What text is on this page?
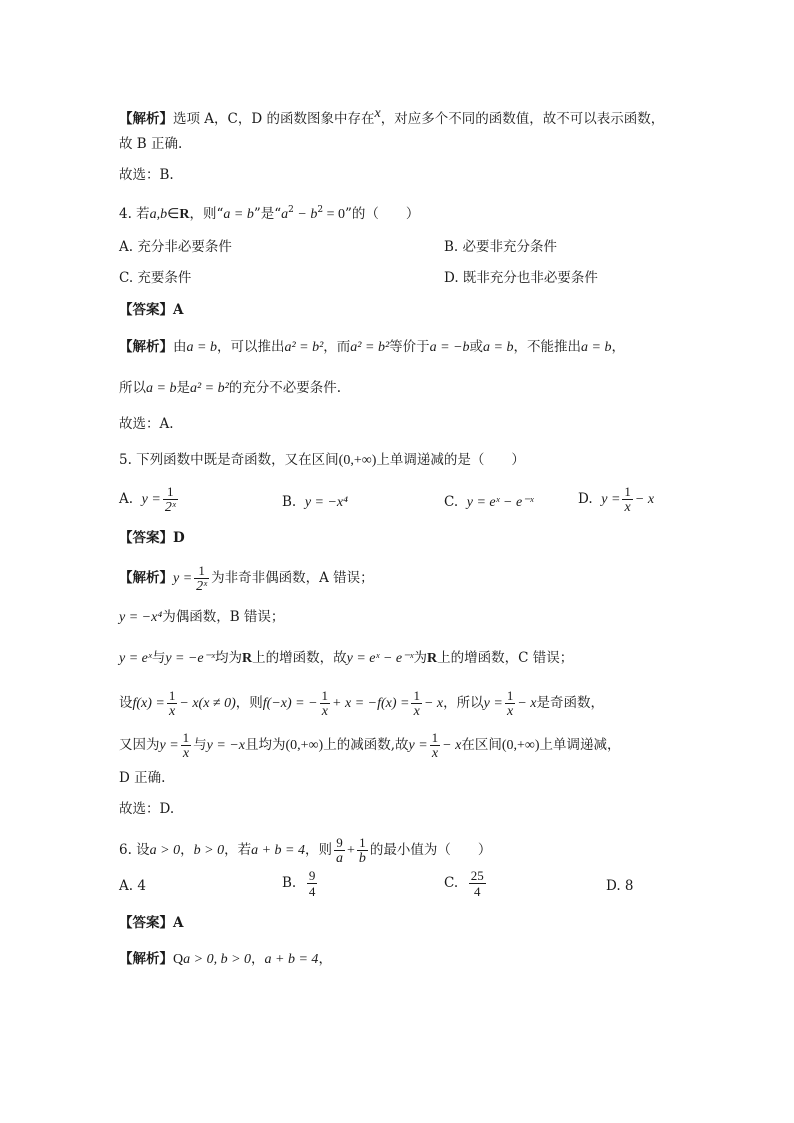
【解析】选项 A，C，D 的函数图象中存在$^x$，对应多个不同的函数值，故不可以表示函数，
故 B 正确.
故选：B.
4. 若a,b∈R，则“a = b”是“$a^2 - b^2 = 0$”的（　　）
A. 充分非必要条件	B. 必要非充分条件
C. 充要条件	D. 既非充分也非必要条件
【答案】A
【解析】由a = b，可以推出a² = b²，而a² = b²等价于a = −b或a = b，不能推出a = b，
所以a = b是a² = b²的充分不必要条件.
故选：A.
5. 下列函数中既是奇函数，又在区间(0,+∞)上单调递减的是（　　）
A. $y = \frac{1}{\text{2ˣ}}$	B. y = −x⁴	C. y = eˣ − e⁻ˣ	D. $y = \frac{1}{x} - x$
【答案】D
【解析】$y = \frac{1}{\text{2ˣ}}$ 为非奇非偶函数，A 错误；
y = −x⁴为偶函数，B 错误；
y = eˣ与y = −e⁻ˣ均为R上的增函数，故y = eˣ − e⁻ˣ为R上的增函数，C 错误；
设$f(x) = \frac{1}{x} - x(x \ne 0)$，则f(−x) = − $\frac{1}{x} + x = -f(x) = \frac{1}{x} - x$，所以$y = \frac{1}{x} - x$是奇函数，
又因为$y = \frac{1}{x}$ 与y = −x且均为(0,+∞)上的减函数,故$y = \frac{1}{x} - x$在区间(0,+∞)上单调递减，
D 正确.
故选：D.
6. 设a > 0，b > 0，若a + b = 4，则 $\frac{9}{a} + \frac{1}{b}$ 的最小值为（　　）
A. 4	B. $\frac{9}{4}$	C. $\frac{25}{4}$	D. 8
【答案】A
【解析】Qa > 0, b > 0，a + b = 4，
